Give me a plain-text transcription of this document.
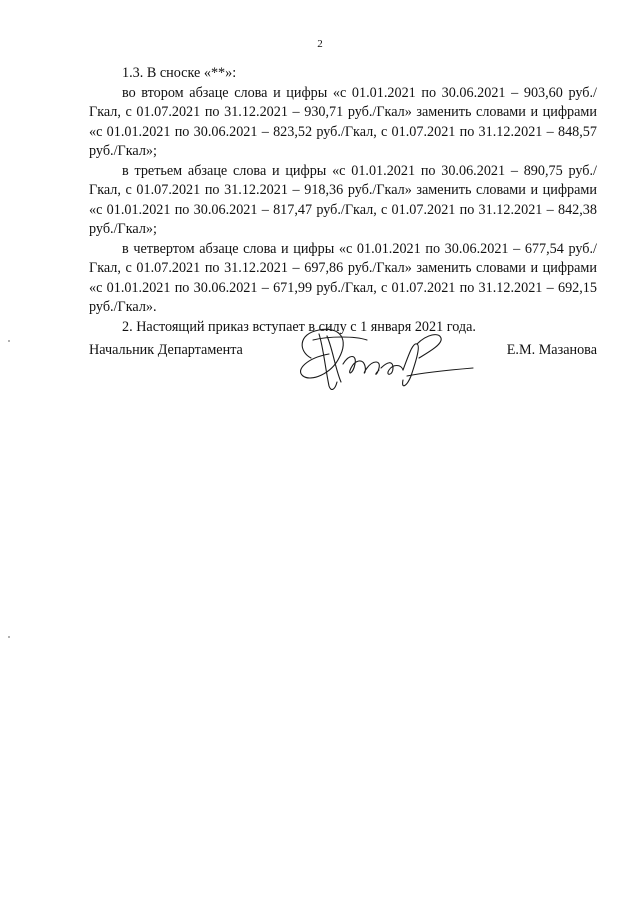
2

1.3. В сноске «**»:

во втором абзаце слова и цифры «с 01.01.2021 по 30.06.2021 – 903,60 руб./Гкал, с 01.07.2021 по 31.12.2021 – 930,71 руб./Гкал» заменить словами и цифрами «с 01.01.2021 по 30.06.2021 – 823,52 руб./Гкал, с 01.07.2021 по 31.12.2021 – 848,57 руб./Гкал»;

в третьем абзаце слова и цифры «с 01.01.2021 по 30.06.2021 – 890,75 руб./Гкал, с 01.07.2021 по 31.12.2021 – 918,36 руб./Гкал» заменить словами и цифрами «с 01.01.2021 по 30.06.2021 – 817,47 руб./Гкал, с 01.07.2021 по 31.12.2021 – 842,38 руб./Гкал»;

в четвертом абзаце слова и цифры «с 01.01.2021 по 30.06.2021 – 677,54 руб./Гкал, с 01.07.2021 по 31.12.2021 – 697,86 руб./Гкал» заменить словами и цифрами «с 01.01.2021 по 30.06.2021 – 671,99 руб./Гкал, с 01.07.2021 по 31.12.2021 – 692,15 руб./Гкал».

2. Настоящий приказ вступает в силу с 1 января 2021 года.

Начальник Департамента	Е.М. Мазанова
